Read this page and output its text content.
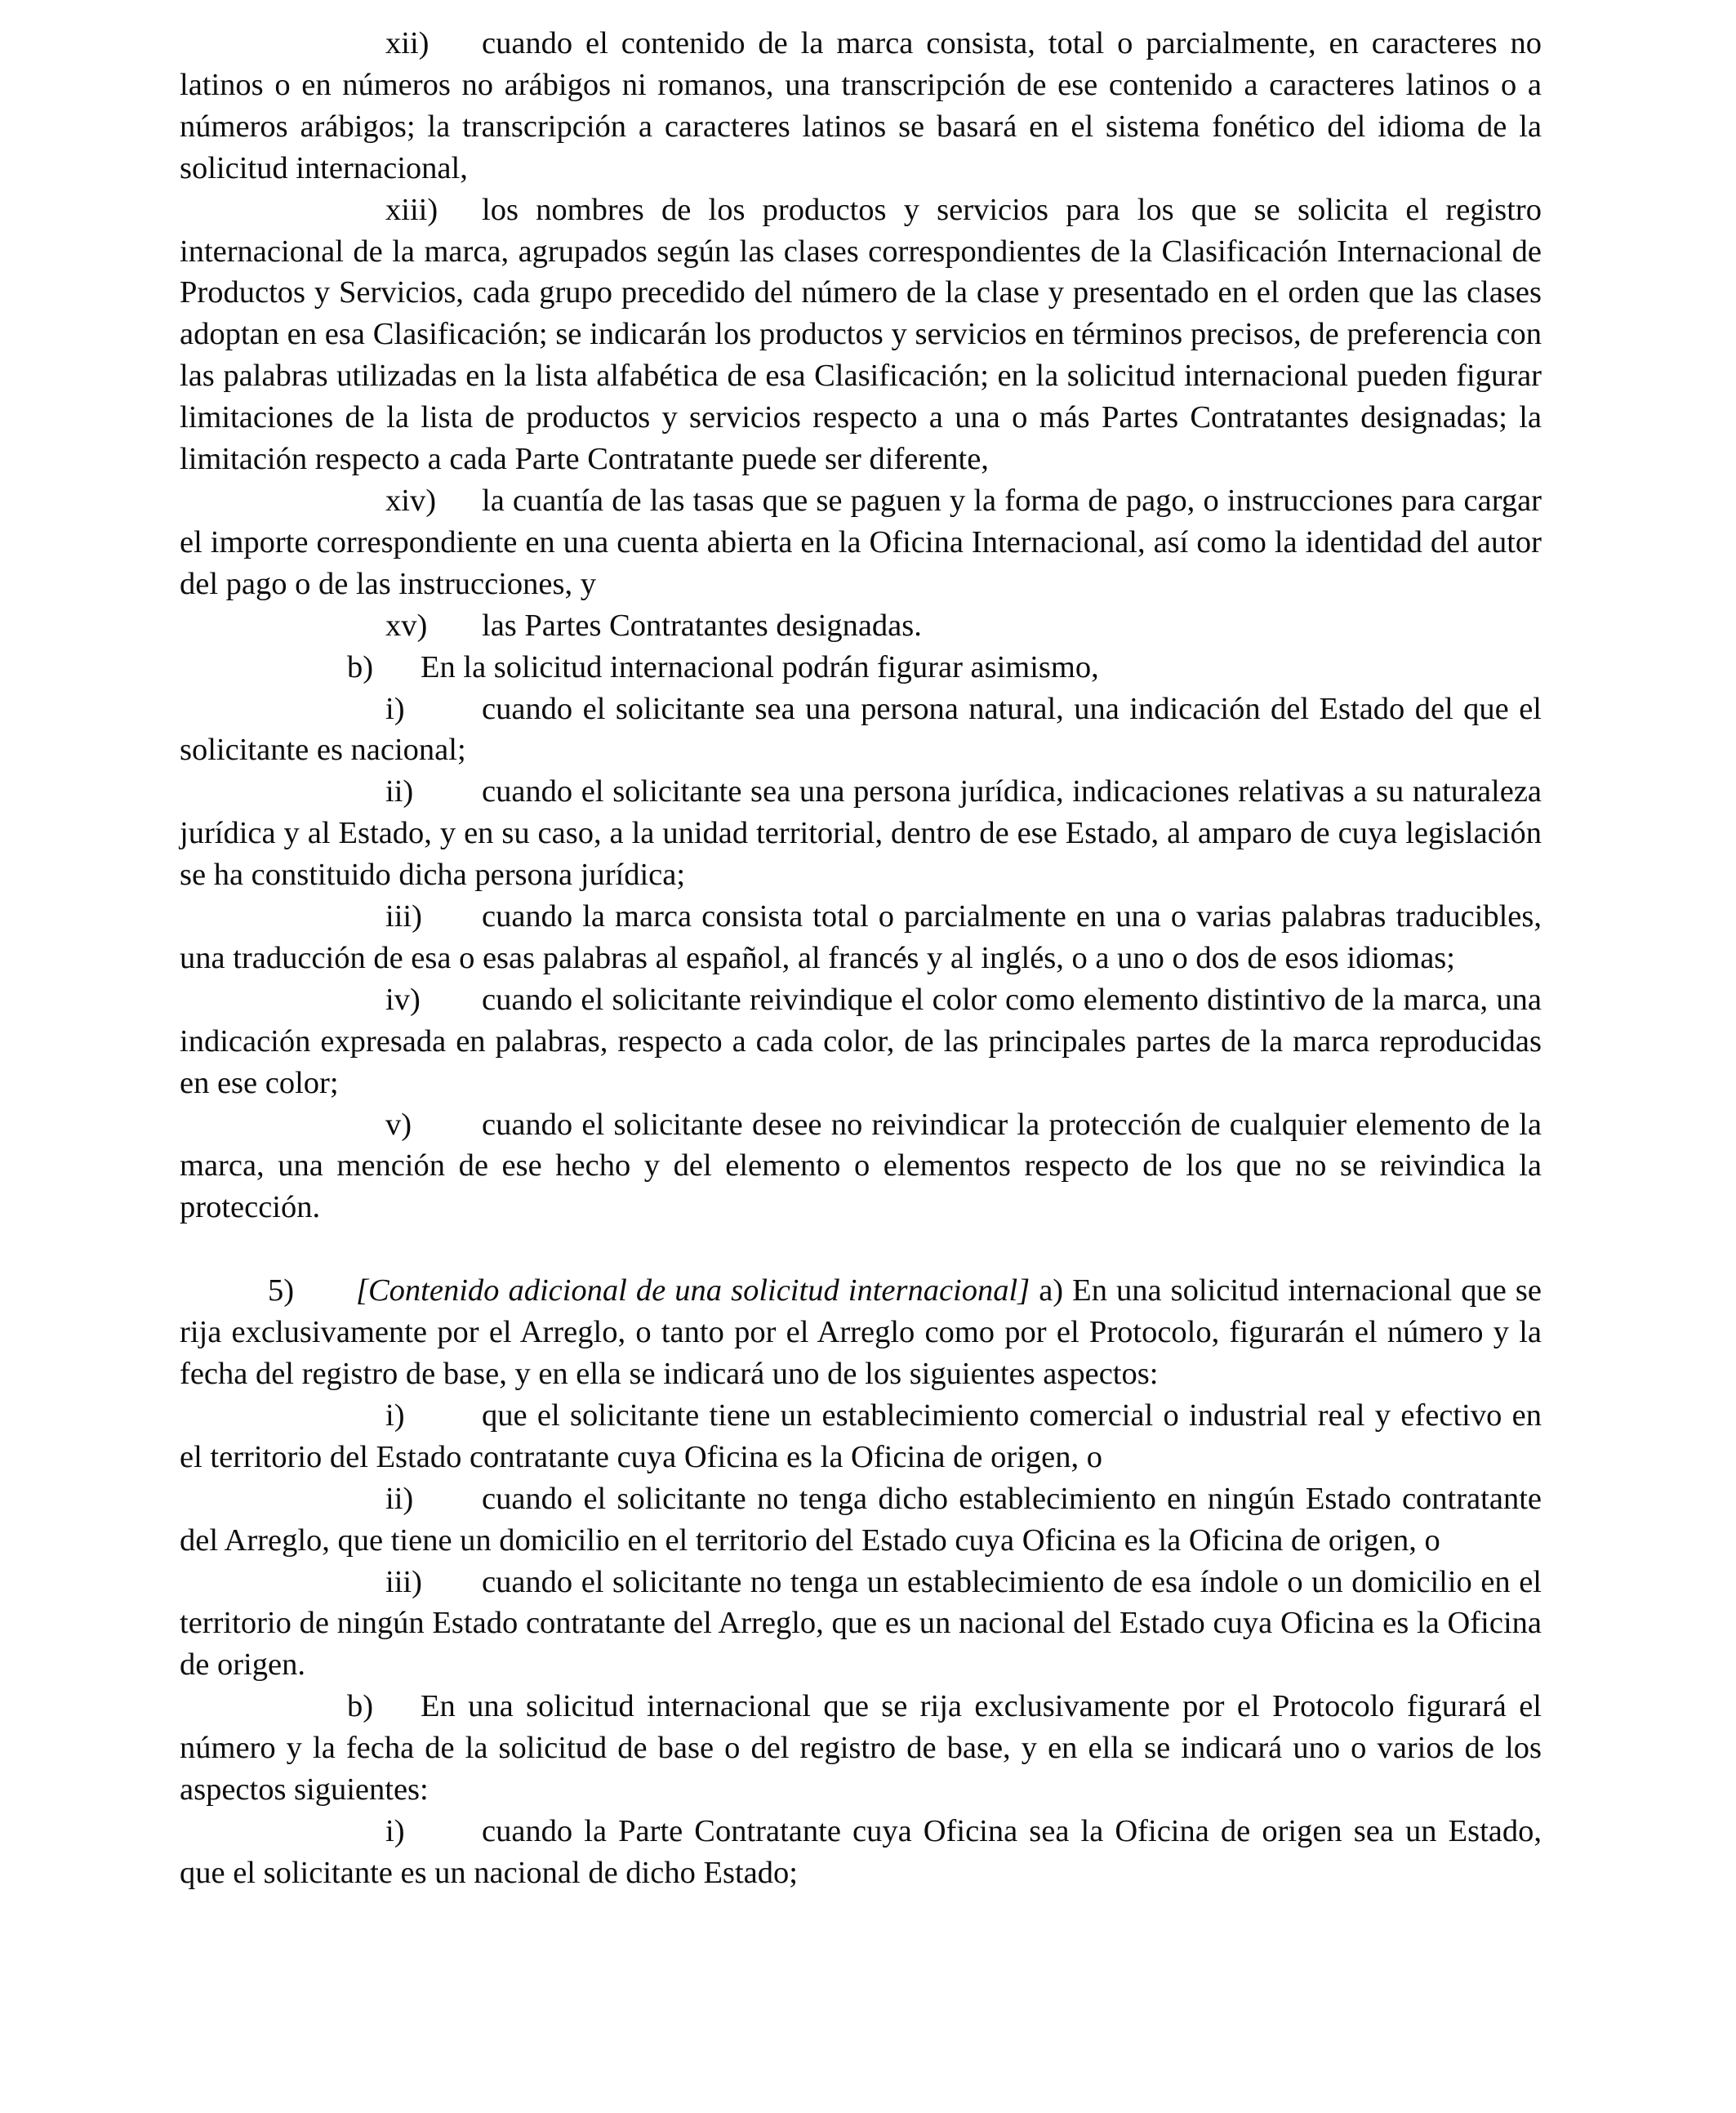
xii) cuando el contenido de la marca consista, total o parcialmente, en caracteres no latinos o en números no arábigos ni romanos, una transcripción de ese contenido a caracteres latinos o a números arábigos; la transcripción a caracteres latinos se basará en el sistema fonético del idioma de la solicitud internacional,

xiii) los nombres de los productos y servicios para los que se solicita el registro internacional de la marca, agrupados según las clases correspondientes de la Clasificación Internacional de Productos y Servicios, cada grupo precedido del número de la clase y presentado en el orden que las clases adoptan en esa Clasificación; se indicarán los productos y servicios en términos precisos, de preferencia con las palabras utilizadas en la lista alfabética de esa Clasificación; en la solicitud internacional pueden figurar limitaciones de la lista de productos y servicios respecto a una o más Partes Contratantes designadas; la limitación respecto a cada Parte Contratante puede ser diferente,

xiv) la cuantía de las tasas que se paguen y la forma de pago, o instrucciones para cargar el importe correspondiente en una cuenta abierta en la Oficina Internacional, así como la identidad del autor del pago o de las instrucciones, y

xv) las Partes Contratantes designadas.

b) En la solicitud internacional podrán figurar asimismo,

i) cuando el solicitante sea una persona natural, una indicación del Estado del que el solicitante es nacional;

ii) cuando el solicitante sea una persona jurídica, indicaciones relativas a su naturaleza jurídica y al Estado, y en su caso, a la unidad territorial, dentro de ese Estado, al amparo de cuya legislación se ha constituido dicha persona jurídica;

iii) cuando la marca consista total o parcialmente en una o varias palabras traducibles, una traducción de esa o esas palabras al español, al francés y al inglés, o a uno o dos de esos idiomas;

iv) cuando el solicitante reivindique el color como elemento distintivo de la marca, una indicación expresada en palabras, respecto a cada color, de las principales partes de la marca reproducidas en ese color;

v) cuando el solicitante desee no reivindicar la protección de cualquier elemento de la marca, una mención de ese hecho y del elemento o elementos respecto de los que no se reivindica la protección.

5) [Contenido adicional de una solicitud internacional] a) En una solicitud internacional que se rija exclusivamente por el Arreglo, o tanto por el Arreglo como por el Protocolo, figurarán el número y la fecha del registro de base, y en ella se indicará uno de los siguientes aspectos:

i) que el solicitante tiene un establecimiento comercial o industrial real y efectivo en el territorio del Estado contratante cuya Oficina es la Oficina de origen, o

ii) cuando el solicitante no tenga dicho establecimiento en ningún Estado contratante del Arreglo, que tiene un domicilio en el territorio del Estado cuya Oficina es la Oficina de origen, o

iii) cuando el solicitante no tenga un establecimiento de esa índole o un domicilio en el territorio de ningún Estado contratante del Arreglo, que es un nacional del Estado cuya Oficina es la Oficina de origen.

b) En una solicitud internacional que se rija exclusivamente por el Protocolo figurará el número y la fecha de la solicitud de base o del registro de base, y en ella se indicará uno o varios de los aspectos siguientes:

i) cuando la Parte Contratante cuya Oficina sea la Oficina de origen sea un Estado, que el solicitante es un nacional de dicho Estado;
